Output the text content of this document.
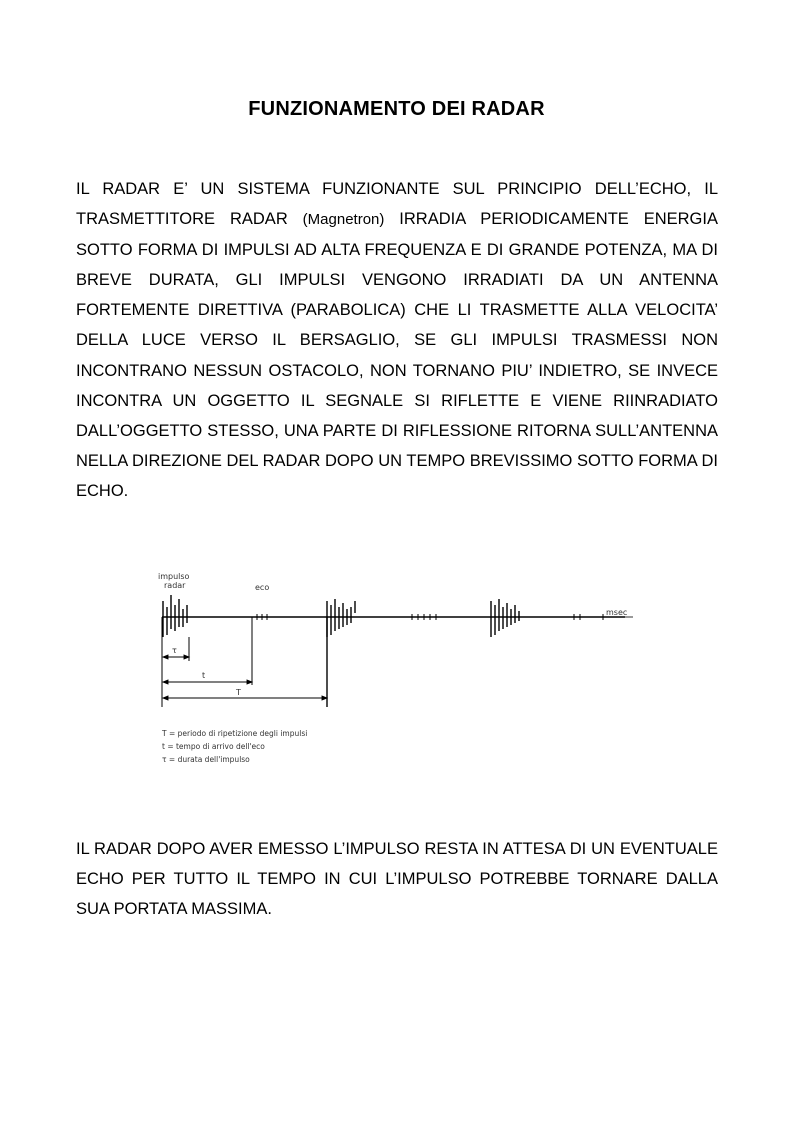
FUNZIONAMENTO DEI RADAR
IL RADAR E’ UN SISTEMA FUNZIONANTE SUL PRINCIPIO DELL’ECHO, IL TRASMETTITORE RADAR (Magnetron) IRRADIA PERIODICAMENTE ENERGIA SOTTO FORMA DI IMPULSI AD ALTA FREQUENZA E DI GRANDE POTENZA, MA DI BREVE DURATA, GLI IMPULSI VENGONO IRRADIATI DA UN ANTENNA FORTEMENTE DIRETTIVA (PARABOLICA) CHE LI TRASMETTE ALLA VELOCITA’ DELLA LUCE VERSO IL BERSAGLIO, SE GLI IMPULSI TRASMESSI NON INCONTRANO NESSUN OSTACOLO, NON TORNANO PIU’ INDIETRO, SE INVECE INCONTRA UN OGGETTO IL SEGNALE SI RIFLETTE E VIENE RIINRADIATO DALL’OGGETTO STESSO, UNA PARTE DI RIFLESSIONE RITORNA SULL’ANTENNA NELLA DIREZIONE DEL RADAR DOPO UN TEMPO BREVISSIMO SOTTO FORMA DI ECHO.
impulso
radar	eco
msec
τ
t
T
T = periodo di ripetizione degli impulsi
t = tempo di arrivo dell'eco
τ = durata dell'impulso
IL RADAR DOPO AVER EMESSO L’IMPULSO RESTA IN ATTESA DI UN EVENTUALE ECHO PER TUTTO IL TEMPO IN CUI L’IMPULSO POTREBBE TORNARE DALLA SUA PORTATA MASSIMA.
